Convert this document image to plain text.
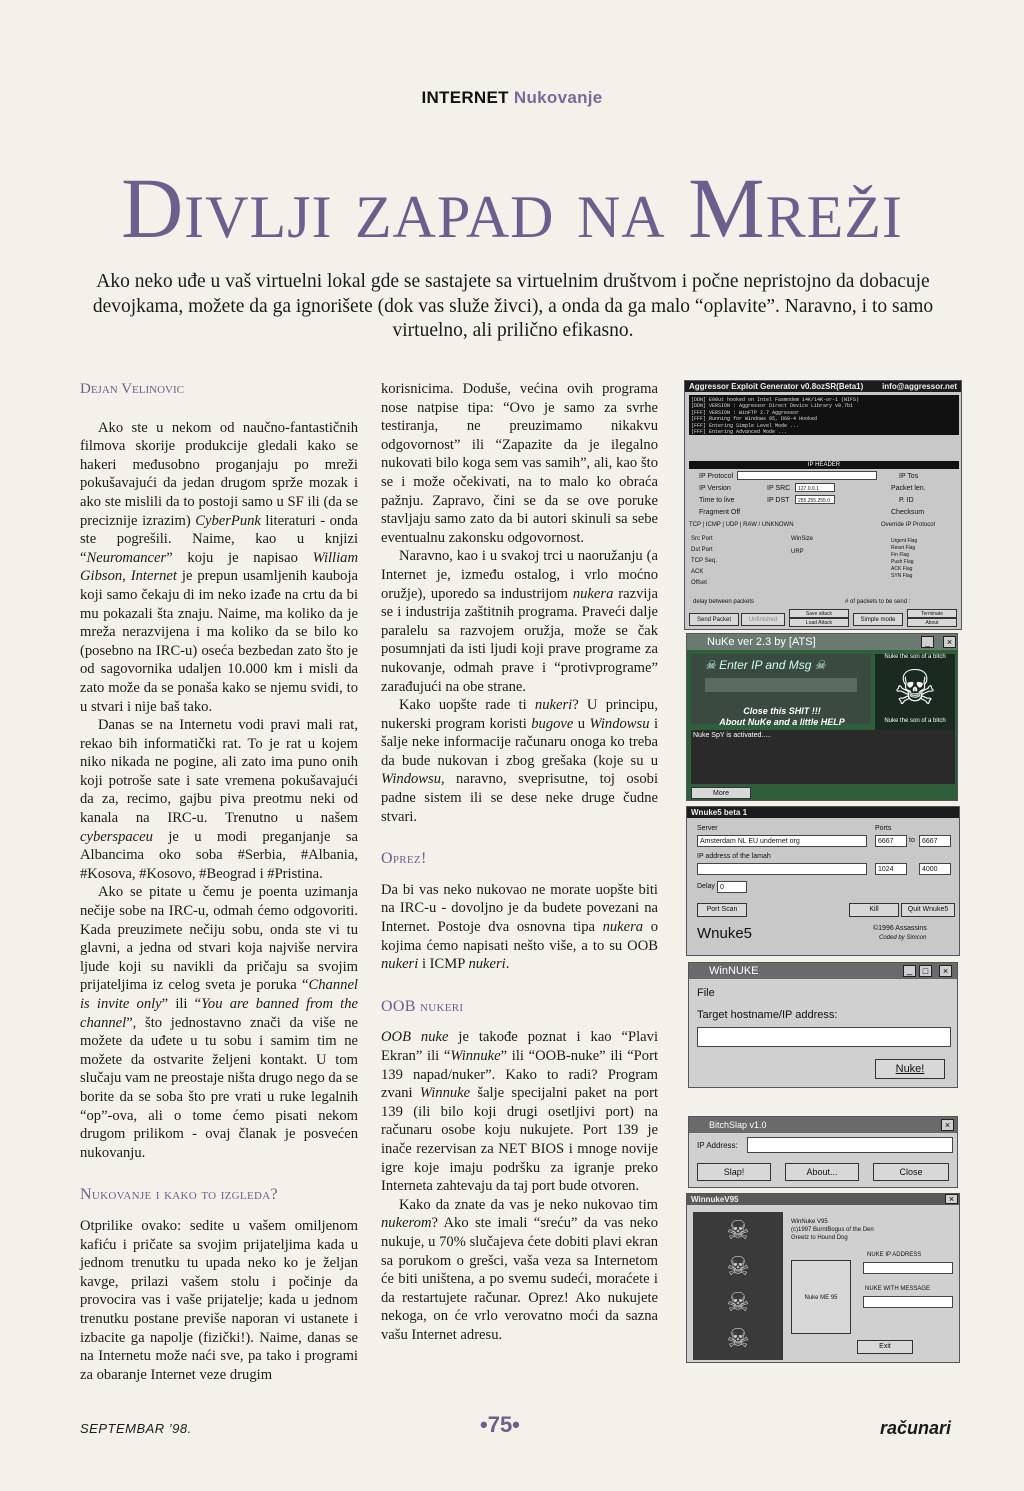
INTERNET Nukovanje
Divlji zapad na Mreži
Ako neko uđe u vaš virtuelni lokal gde se sastajete sa virtuelnim društvom i počne nepristojno da dobacuje devojkama, možete da ga ignorišete (dok vas služe živci), a onda da ga malo “oplavite”. Naravno, i to samo virtuelno, ali prilično efikasno.

Dejan Velinovic

Ako ste u nekom od naučno-fantastičnih filmova skorije produkcije gledali kako se hakeri međusobno proganjaju po mreži pokušavajući da jedan drugom sprže mozak i ako ste mislili da to postoji samo u SF ili (da se preciznije izrazim) CyberPunk literaturi - onda ste pogrešili. Naime, kao u knjizi “Neuromancer” koju je napisao William Gibson, Internet je prepun usamljenih kauboja koji samo čekaju di im neko izađe na crtu da bi mu pokazali šta znaju. Naime, ma koliko da je mreža nerazvijena i ma koliko da se bilo ko (posebno na IRC-u) oseća bezbedan zato što je od sagovornika udaljen 10.000 km i misli da zato može da se ponaša kako se njemu svidi, to u stvari i nije baš tako.

Danas se na Internetu vodi pravi mali rat, rekao bih informatički rat. To je rat u kojem niko nikada ne pogine, ali zato ima puno onih koji potroše sate i sate vremena pokušavajući da za, recimo, gajbu piva preotmu neki od kanala na IRC-u. Trenutno u našem cyberspaceu je u modi preganjanje sa Albancima oko soba #Serbia, #Albania, #Kosova, #Kosovo, #Beograd i #Pristina.

Ako se pitate u čemu je poenta uzimanja nečije sobe na IRC-u, odmah ćemo odgovoriti. Kada preuzimete nečiju sobu, onda ste vi tu glavni, a jedna od stvari koja najviše nervira ljude koji su navikli da pričaju sa svojim prijateljima iz celog sveta je poruka “Channel is invite only” ili “You are banned from the channel”, što jednostavno znači da više ne možete da uđete u tu sobu i samim tim ne možete da ostvarite željeni kontakt. U tom slučaju vam ne preostaje ništa drugo nego da se borite da se soba što pre vrati u ruke legalnih “op”-ova, ali o tome ćemo pisati nekom drugom prilikom - ovaj članak je posvećen nukovanju.

Nukovanje i kako to izgleda?

Otprilike ovako: sedite u vašem omiljenom kafiću i pričate sa svojim prijateljima kada u jednom trenutku tu upada neko ko je željan kavge, prilazi vašem stolu i počinje da provocira vas i vaše prijatelje; kada u jednom trenutku postane previše naporan vi ustanete i izbacite ga napolje (fizički!). Naime, danas se na Internetu može naći sve, pa tako i programi za obaranje Internet veze drugim

korisnicima. Doduše, većina ovih programa nose natpise tipa: “Ovo je samo za svrhe testiranja, ne preuzimamo nikakvu odgovornost” ili “Zapazite da je ilegalno nukovati bilo koga sem vas samih”, ali, kao što se i može očekivati, na to malo ko obraća pažnju. Zapravo, čini se da se ove poruke stavljaju samo zato da bi autori skinuli sa sebe eventualnu zakonsku odgovornost.

Naravno, kao i u svakoj trci u naoružanju (a Internet je, između ostalog, i vrlo moćno oružje), uporedo sa industrijom nukera razvija se i industrija zaštitnih programa. Praveći dalje paralelu sa razvojem oružja, može se čak posumnjati da isti ljudi koji prave programe za nukovanje, odmah prave i “protivprograme” zarađujući na obe strane.

Kako uopšte rade ti nukeri? U principu, nukerski program koristi bugove u Windowsu i šalje neke informacije računaru onoga ko treba da bude nukovan i zbog grešaka (koje su u Windowsu, naravno, sveprisutne, toj osobi padne sistem ili se dese neke druge čudne stvari.

Oprez!

Da bi vas neko nukovao ne morate uopšte biti na IRC-u - dovoljno je da budete povezani na Internet. Postoje dva osnovna tipa nukera o kojima ćemo napisati nešto više, a to su OOB nukeri i ICMP nukeri.

OOB nukeri

OOB nuke je takođe poznat i kao “Plavi Ekran” ili “Winnuke” ili “OOB-nuke” ili “Port 139 napad/nuker”. Kako to radi? Program zvani Winnuke šalje specijalni paket na port 139 (ili bilo koji drugi osetljivi port) na računaru osobe koju nukujete. Port 139 je inače rezervisan za NET BIOS i mnoge novije igre koje imaju podršku za igranje preko Interneta zahtevaju da taj port bude otvoren.

Kako da znate da vas je neko nukovao tim nukerom? Ako ste imali “sreću” da vas neko nukuje, u 70% slučajeva ćete dobiti plavi ekran sa porukom o grešci, vaša veza sa Internetom će biti uništena, a po svemu sudeći, moraćete i da restartujete računar. Oprez! Ako nukujete nekoga, on će vrlo verovatno moći da sazna vašu Internet adresu.

Aggressor Exploit Generator v0.8ozSR(Beta1) info@aggressor.net
[DDN] E00ut hooked on Intel Fasmodem 14K/14K-or-1 (NIFS)
[DDN] VERSION : Aggressor Direct Device Library v0.7b1
[FFF] VERSION : WinFTP 2.7 Aggressor
[FFF] Running for Windows 95, D60-4 Hooked
[FFF] Entering Simple Level Mode ...
[FFF] Entering Advanced Mode ...
IP HEADER
IP Protocol
IP Version	IP SRC	127.0.0.1
Time to live	IP DST	255.255.255.0
Fragment Off
IP Tos
Packet len.
P. ID
Checksum
TCP | ICMP | UDP | RAW / UNKNOWN	Override IP Protocol
Src Port
Dst Port
TCP Seq.
ACK
Offset
WinSize
URP
Urgent Flag
Reset Flag
Fin Flag
Push Flag
ACK Flag
SYN Flag
delay between packets	# of packets to be send :
Send Packet	Unfinished
Save attack
Load Attack	Simple mode
Terminate
About
NuKe ver 2.3 by [ATS]	_	×
☠ Enter IP and Msg ☠
Nuke the son of a bitch
☠
Nuke the son of a bitch
Close this SHIT !!!
About NuKe and a little HELP
Nuke SpY is activated.....
More
Wnuke5 beta 1
Server
Amsterdam NL EU undernet org
Ports
6667	to	6667
IP address of the lamah
1024	4000
Delay 0
Port Scan	Kill	Quit Wnuke5
Wnuke5	©1996 Assassins
Coded by Simcon
WinNUKE	_	□	×
File
Target hostname/IP address:
Nuke!
BitchSlap v1.0	×
IP Address:
Slap!	About...	Close
WinnukeV95	×
☠
☠
☠
☠
WinNuke V95
(c)1997 BurntBogus of the Den
Greetz to Hound Dog
Nuke ME 95
NUKE IP ADDRESS
NUKE WITH MESSAGE
Exit
SEPTEMBAR ’98.	•75•	računari
